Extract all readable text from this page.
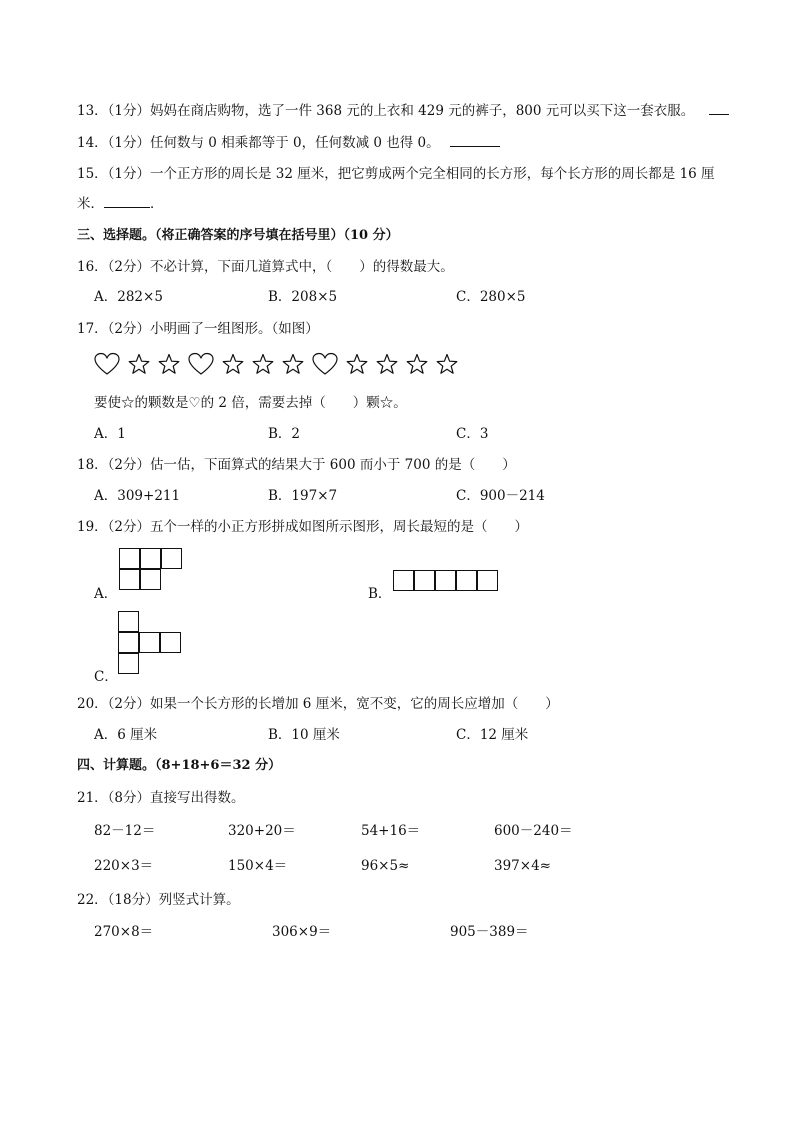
13．（1分）妈妈在商店购物，选了一件 368 元的上衣和 429 元的裤子，800 元可以买下这一套衣服。
14．（1分）任何数与 0 相乘都等于 0，任何数减 0 也得 0。
15．（1分）一个正方形的周长是 32 厘米，把它剪成两个完全相同的长方形，每个长方形的周长都是 16 厘
米．	．
三、选择题。（将正确答案的序号填在括号里）（10 分）
16．（2分）不必计算，下面几道算式中，（　　）的得数最大。
A．282×5	B．208×5	C．280×5
17．（2分）小明画了一组图形。（如图）
要使☆的颗数是♡的 2 倍，需要去掉（　　）颗☆。
A．1	B．2	C．3
18．（2分）估一估，下面算式的结果大于 600 而小于 700 的是（　　）
A．309+211	B．197×7	C．900－214
19．（2分）五个一样的小正方形拼成如图所示图形，周长最短的是（　　）
A．	B．
C．
20．（2分）如果一个长方形的长增加 6 厘米，宽不变，它的周长应增加（　　）
A．6 厘米	B．10 厘米	C．12 厘米
四、计算题。（8+18+6＝32 分）
21．（8分）直接写出得数。
82－12＝	320+20＝	54+16＝	600－240＝
220×3＝	150×4＝	96×5≈	397×4≈
22．（18分）列竖式计算。
270×8＝	306×9＝	905－389＝
